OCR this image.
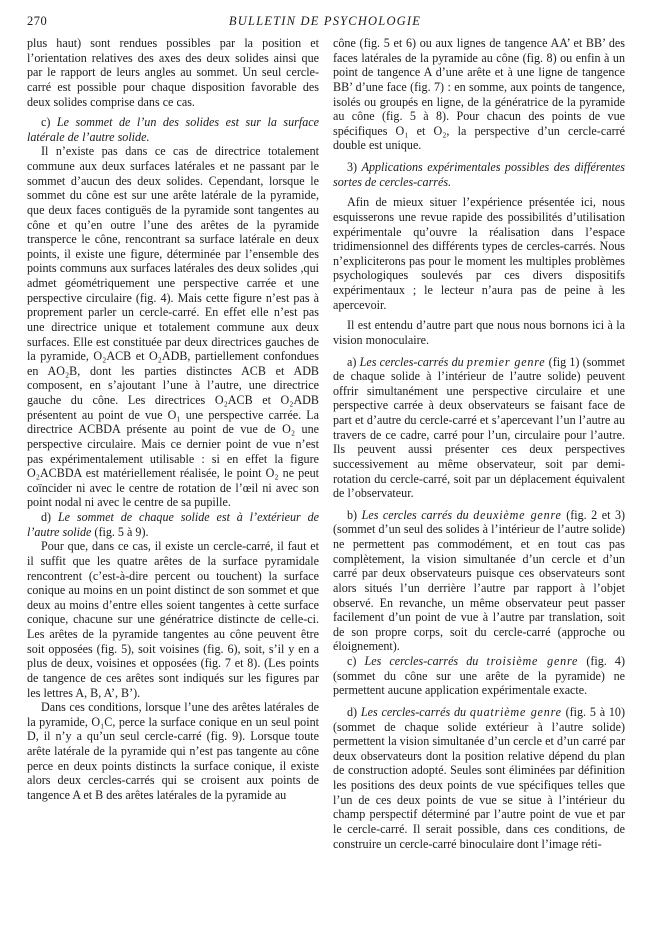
270	BULLETIN DE PSYCHOLOGIE

plus haut) sont rendues possibles par la position et l’orientation relatives des axes des deux solides ainsi que par le rapport de leurs angles au sommet. Un seul cercle-carré est possible pour chaque disposition favorable des deux solides comprise dans ce cas.

c) Le sommet de l’un des solides est sur la surface latérale de l’autre solide.

Il n’existe pas dans ce cas de directrice totalement commune aux deux surfaces latérales et ne passant par le sommet d’aucun des deux solides. Cependant, lorsque le sommet du cône est sur une arête latérale de la pyramide, que deux faces contiguës de la pyramide sont tangentes au cône et qu’en outre l’une des arêtes de la pyramide transperce le cône, rencontrant sa surface latérale en deux points, il existe une figure, déterminée par l’ensemble des points communs aux surfaces latérales des deux solides ,qui admet géométriquement une perspective carrée et une perspective circulaire (fig. 4). Mais cette figure n’est pas à proprement parler un cercle-carré. En effet elle n’est pas une directrice unique et totalement commune aux deux surfaces. Elle est constituée par deux directrices gauches de la pyramide, O₂ACB et O₂ADB, partiellement confondues en AO₂B, dont les parties distinctes ACB et ADB composent, en s’ajoutant l’une à l’autre, une directrice gauche du cône. Les directrices O₂ACB et O₂ADB présentent au point de vue O₁ une perspective carrée. La directrice ACBDA présente au point de vue de O₂ une perspective circulaire. Mais ce dernier point de vue n’est pas expérimentalement utilisable : si en effet la figure O₂ACBDA est matériellement réalisée, le point O₂ ne peut coïncider ni avec le centre de rotation de l’œil ni avec son point nodal ni avec le centre de sa pupille.

d) Le sommet de chaque solide est à l’extérieur de l’autre solide (fig. 5 à 9).

Pour que, dans ce cas, il existe un cercle-carré, il faut et il suffit que les quatre arêtes de la surface pyramidale rencontrent (c’est-à-dire percent ou touchent) la surface conique au moins en un point distinct de son sommet et que deux au moins d’entre elles soient tangentes à cette surface conique, chacune sur une génératrice distincte de celle-ci. Les arêtes de la pyramide tangentes au cône peuvent être soit opposées (fig. 5), soit voisines (fig. 6), soit, s’il y en a plus de deux, voisines et opposées (fig. 7 et 8). (Les points de tangence de ces arêtes sont indiqués sur les figures par les lettres A, B, A’, B’).

Dans ces conditions, lorsque l’une des arêtes latérales de la pyramide, O₁C, perce la surface conique en un seul point D, il n’y a qu’un seul cercle-carré (fig. 9). Lorsque toute arête latérale de la pyramide qui n’est pas tangente au cône perce en deux points distincts la surface conique, il existe alors deux cercles-carrés qui se croisent aux points de tangence A et B des arêtes latérales de la pyramide au

cône (fig. 5 et 6) ou aux lignes de tangence AA’ et BB’ des faces latérales de la pyramide au cône (fig. 8) ou enfin à un point de tangence A d’une arête et à une ligne de tangence BB’ d’une face (fig. 7) : en somme, aux points de tangence, isolés ou groupés en ligne, de la génératrice de la pyramide au cône (fig. 5 à 8). Pour chacun des points de vue spécifiques O₁ et O₂, la perspective d’un cercle-carré double est unique.

3) Applications expérimentales possibles des différentes sortes de cercles-carrés.

Afin de mieux situer l’expérience présentée ici, nous esquisserons une revue rapide des possibilités d’utilisation expérimentale qu’ouvre la réalisation dans l’espace tridimensionnel des différents types de cercles-carrés. Nous n’expliciterons pas pour le moment les multiples problèmes psychologiques soulevés par ces divers dispositifs expérimentaux ; le lecteur n’aura pas de peine à les apercevoir.

Il est entendu d’autre part que nous nous bornons ici à la vision monoculaire.

a) Les cercles-carrés du premier genre (fig 1) (sommet de chaque solide à l’intérieur de l’autre solide) peuvent offrir simultanément une perspective circulaire et une perspective carrée à deux observateurs se faisant face de part et d’autre du cercle-carré et s’apercevant l’un l’autre au travers de ce cadre, carré pour l’un, circulaire pour l’autre. Ils peuvent aussi présenter ces deux perspectives successivement au même observateur, soit par demi-rotation du cercle-carré, soit par un déplacement équivalent de l’observateur.

b) Les cercles carrés du deuxième genre (fig. 2 et 3) (sommet d’un seul des solides à l’intérieur de l’autre solide) ne permettent pas commodément, et en tout cas pas complètement, la vision simultanée d’un cercle et d’un carré par deux observateurs puisque ces observateurs sont alors situés l’un derrière l’autre par rapport à l’objet observé. En revanche, un même observateur peut passer facilement d’un point de vue à l’autre par translation, soit de son propre corps, soit du cercle-carré (approche ou éloignement).

c) Les cercles-carrés du troisième genre (fig. 4) (sommet du cône sur une arête de la pyramide) ne permettent aucune application expérimentale exacte.

d) Les cercles-carrés du quatrième genre (fig. 5 à 10) (sommet de chaque solide extérieur à l’autre solide) permettent la vision simultanée d’un cercle et d’un carré par deux observateurs dont la position relative dépend du plan de construction adopté. Seules sont éliminées par définition les positions des deux points de vue spécifiques telles que l’un de ces deux points de vue se situe à l’intérieur du champ perspectif déterminé par l’autre point de vue et par le cercle-carré. Il serait possible, dans ces conditions, de construire un cercle-carré binoculaire dont l’image réti-
